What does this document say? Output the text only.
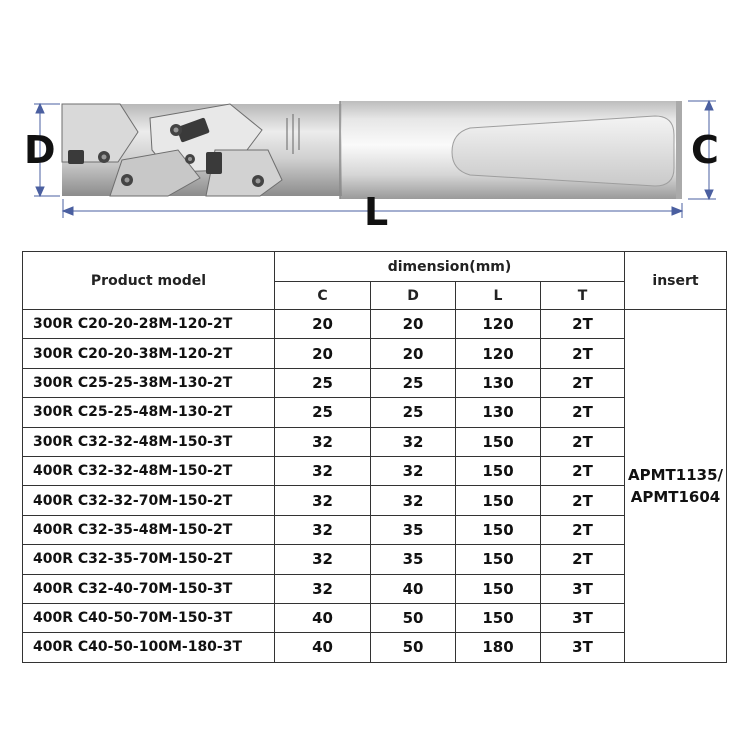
D	C
L
Product model	dimension(mm)				insert
	C	D	L	T	
300R C20-20-28M-120-2T	20	20	120	2T	APMT1135/
APMT1604
300R C20-20-38M-120-2T	20	20	120	2T	
300R C25-25-38M-130-2T	25	25	130	2T	
300R C25-25-48M-130-2T	25	25	130	2T	
300R C32-32-48M-150-3T	32	32	150	2T	
400R C32-32-48M-150-2T	32	32	150	2T	
400R C32-32-70M-150-2T	32	32	150	2T	
400R C32-35-48M-150-2T	32	35	150	2T	
400R C32-35-70M-150-2T	32	35	150	2T	
400R C32-40-70M-150-3T	32	40	150	3T	
400R C40-50-70M-150-3T	40	50	150	3T	
400R C40-50-100M-180-3T	40	50	180	3T	
